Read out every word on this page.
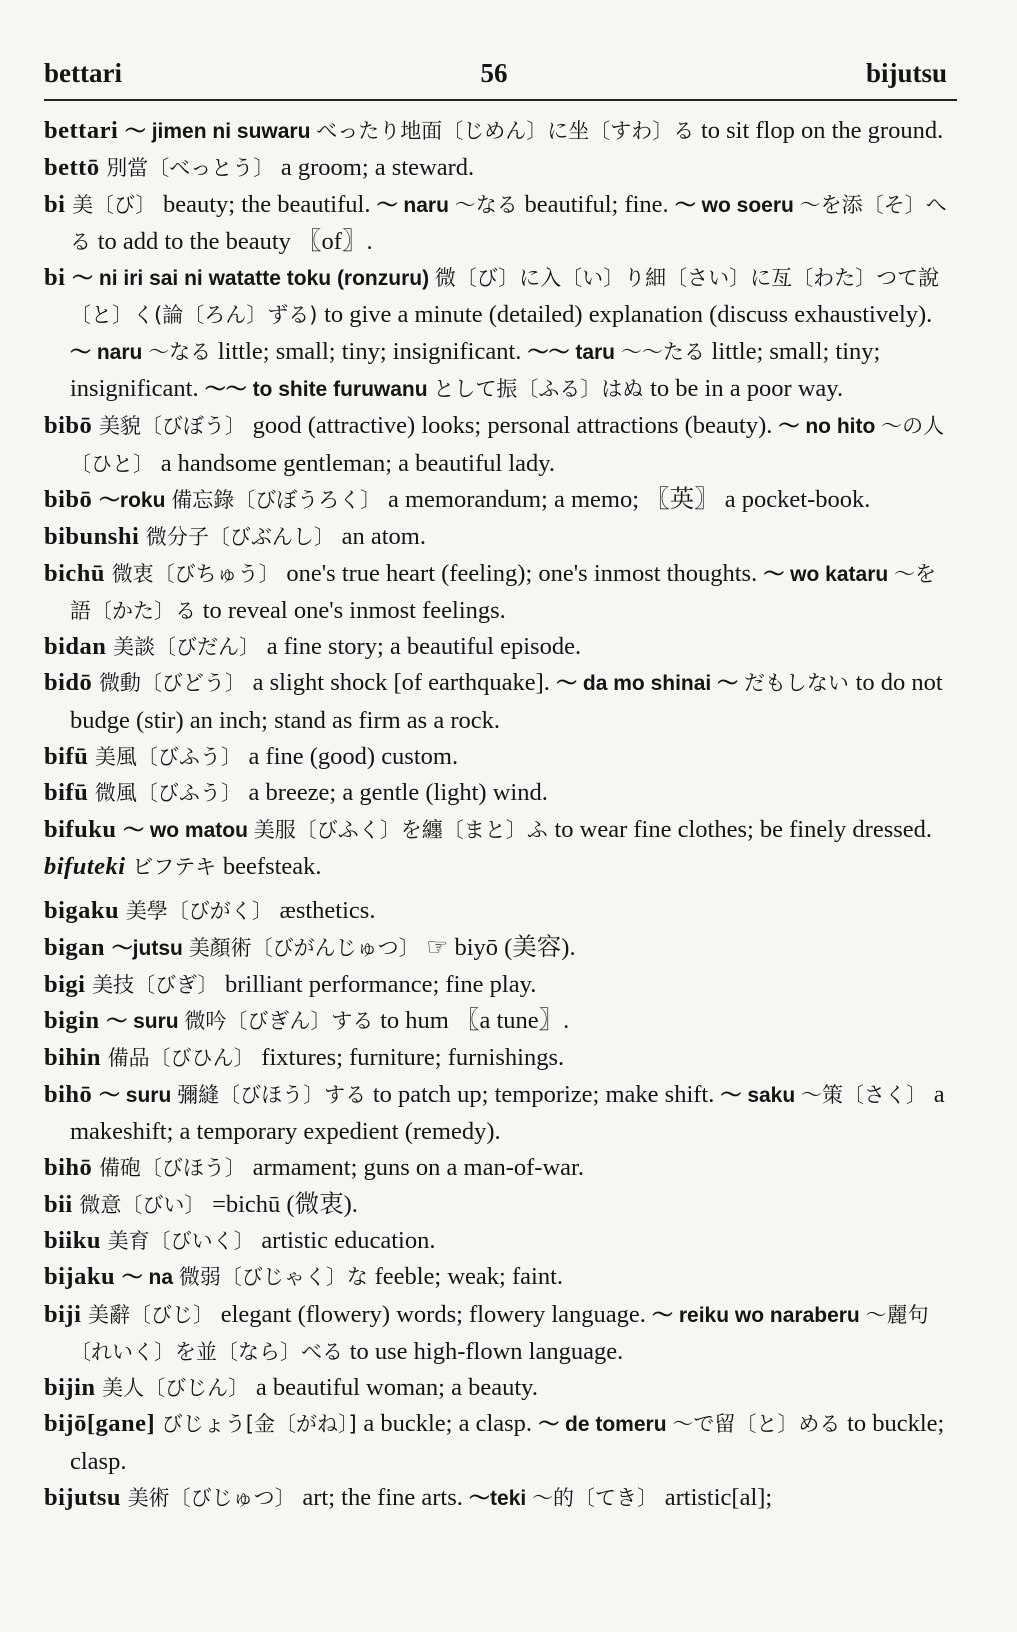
bettari	56	bijutsu

bettari ～ jimen ni suwaru べったり地面〔じめん〕に坐〔すわ〕る to sit flop on the ground.

bettō 別當〔べっとう〕 a groom; a steward.

bi 美〔び〕 beauty; the beautiful. ～ naru ～なる beautiful; fine. ～ wo soeru ～を添〔そ〕へる to add to the beauty 〖of〗.

bi ～ ni iri sai ni watatte toku (ronzuru) 微〔び〕に入〔い〕り細〔さい〕に亙〔わた〕つて說〔と〕く(論〔ろん〕ずる) to give a minute (detailed) explanation (discuss exhaustively). ～ naru ～なる little; small; tiny; insignificant. ～～ taru ～～たる little; small; tiny; insignificant. ～～ to shite furuwanu として振〔ふる〕はぬ to be in a poor way.

bibō 美貌〔びぼう〕 good (attractive) looks; personal attractions (beauty). ～ no hito ～の人〔ひと〕 a handsome gentleman; a beautiful lady.

bibō ～roku 備忘錄〔びぼうろく〕 a memorandum; a memo; 〖英〗 a pocket-book.

bibunshi 微分子〔びぶんし〕 an atom.

bichū 微衷〔びちゅう〕 one's true heart (feeling); one's inmost thoughts. ～ wo kataru ～を語〔かた〕る to reveal one's inmost feelings.

bidan 美談〔びだん〕 a fine story; a beautiful episode.

bidō 微動〔びどう〕 a slight shock [of earthquake]. ～ da mo shinai ～ だもしない to do not budge (stir) an inch; stand as firm as a rock.

bifū 美風〔びふう〕 a fine (good) custom.

bifū 微風〔びふう〕 a breeze; a gentle (light) wind.

bifuku ～ wo matou 美服〔びふく〕を纏〔まと〕ふ to wear fine clothes; be finely dressed.

bifuteki ビフテキ beefsteak.

bigaku 美學〔びがく〕 æsthetics.

bigan ～jutsu 美顏術〔びがんじゅつ〕 ☞ biyō (美容).

bigi 美技〔びぎ〕 brilliant performance; fine play.

bigin ～ suru 微吟〔びぎん〕する to hum 〖a tune〗.

bihin 備品〔びひん〕 fixtures; furniture; furnishings.

bihō ～ suru 彌縫〔びほう〕する to patch up; temporize; make shift. ～ saku ～策〔さく〕 a makeshift; a temporary expedient (remedy).

bihō 備砲〔びほう〕 armament; guns on a man-of-war.

bii 微意〔びい〕 =bichū (微衷).

biiku 美育〔びいく〕 artistic education.

bijaku ～ na 微弱〔びじゃく〕な feeble; weak; faint.

biji 美辭〔びじ〕 elegant (flowery) words; flowery language. ～ reiku wo naraberu ～麗句〔れいく〕を並〔なら〕べる to use high-flown language.

bijin 美人〔びじん〕 a beautiful woman; a beauty.

bijō[gane] びじょう[金〔がね〕] a buckle; a clasp. ～ de tomeru ～で留〔と〕める to buckle; clasp.

bijutsu 美術〔びじゅつ〕 art; the fine arts. ～teki ～的〔てき〕 artistic[al];
